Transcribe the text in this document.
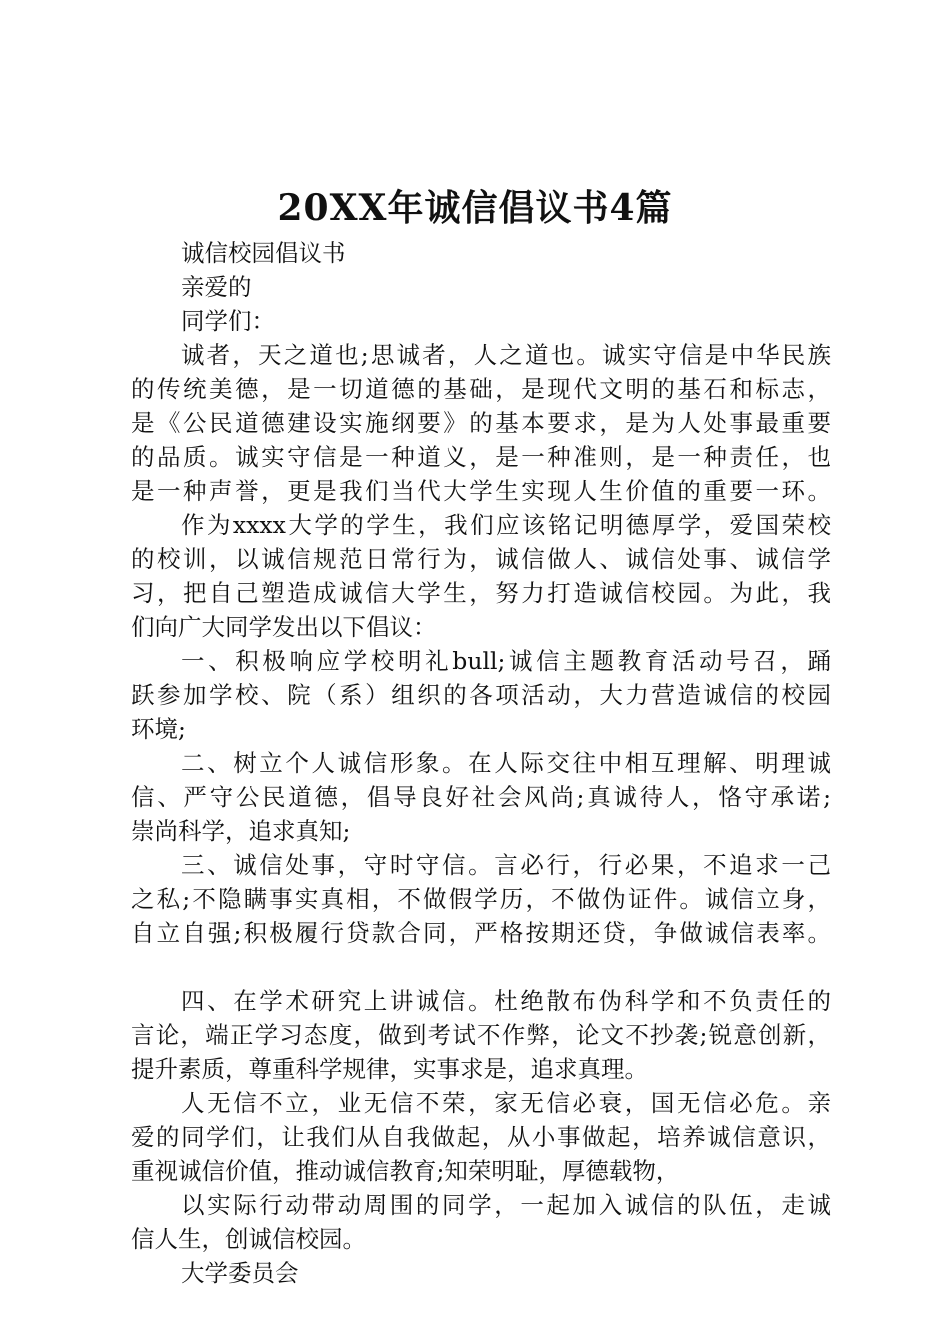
20XX年诚信倡议书4篇
诚信校园倡议书
亲爱的
同学们：
诚者，天之道也;思诚者，人之道也。诚实守信是中华民族
的传统美德，是一切道德的基础，是现代文明的基石和标志，
是《公民道德建设实施纲要》的基本要求，是为人处事最重要
的品质。诚实守信是一种道义，是一种准则，是一种责任，也
是一种声誉，更是我们当代大学生实现人生价值的重要一环。
作为xxxx大学的学生，我们应该铭记明德厚学，爱国荣校
的校训，以诚信规范日常行为，诚信做人、诚信处事、诚信学
习，把自己塑造成诚信大学生，努力打造诚信校园。为此，我
们向广大同学发出以下倡议：
一、积极响应学校明礼bull;诚信主题教育活动号召，踊
跃参加学校、院（系）组织的各项活动，大力营造诚信的校园
环境;
二、树立个人诚信形象。在人际交往中相互理解、明理诚
信、严守公民道德，倡导良好社会风尚;真诚待人，恪守承诺;
崇尚科学，追求真知;
三、诚信处事，守时守信。言必行，行必果，不追求一己
之私;不隐瞒事实真相，不做假学历，不做伪证件。诚信立身，
自立自强;积极履行贷款合同，严格按期还贷，争做诚信表率。
四、在学术研究上讲诚信。杜绝散布伪科学和不负责任的
言论，端正学习态度，做到考试不作弊，论文不抄袭;锐意创新，
提升素质，尊重科学规律，实事求是，追求真理。
人无信不立，业无信不荣，家无信必衰，国无信必危。亲
爱的同学们，让我们从自我做起，从小事做起，培养诚信意识，
重视诚信价值，推动诚信教育;知荣明耻，厚德载物，
以实际行动带动周围的同学，一起加入诚信的队伍，走诚
信人生，创诚信校园。
大学委员会
